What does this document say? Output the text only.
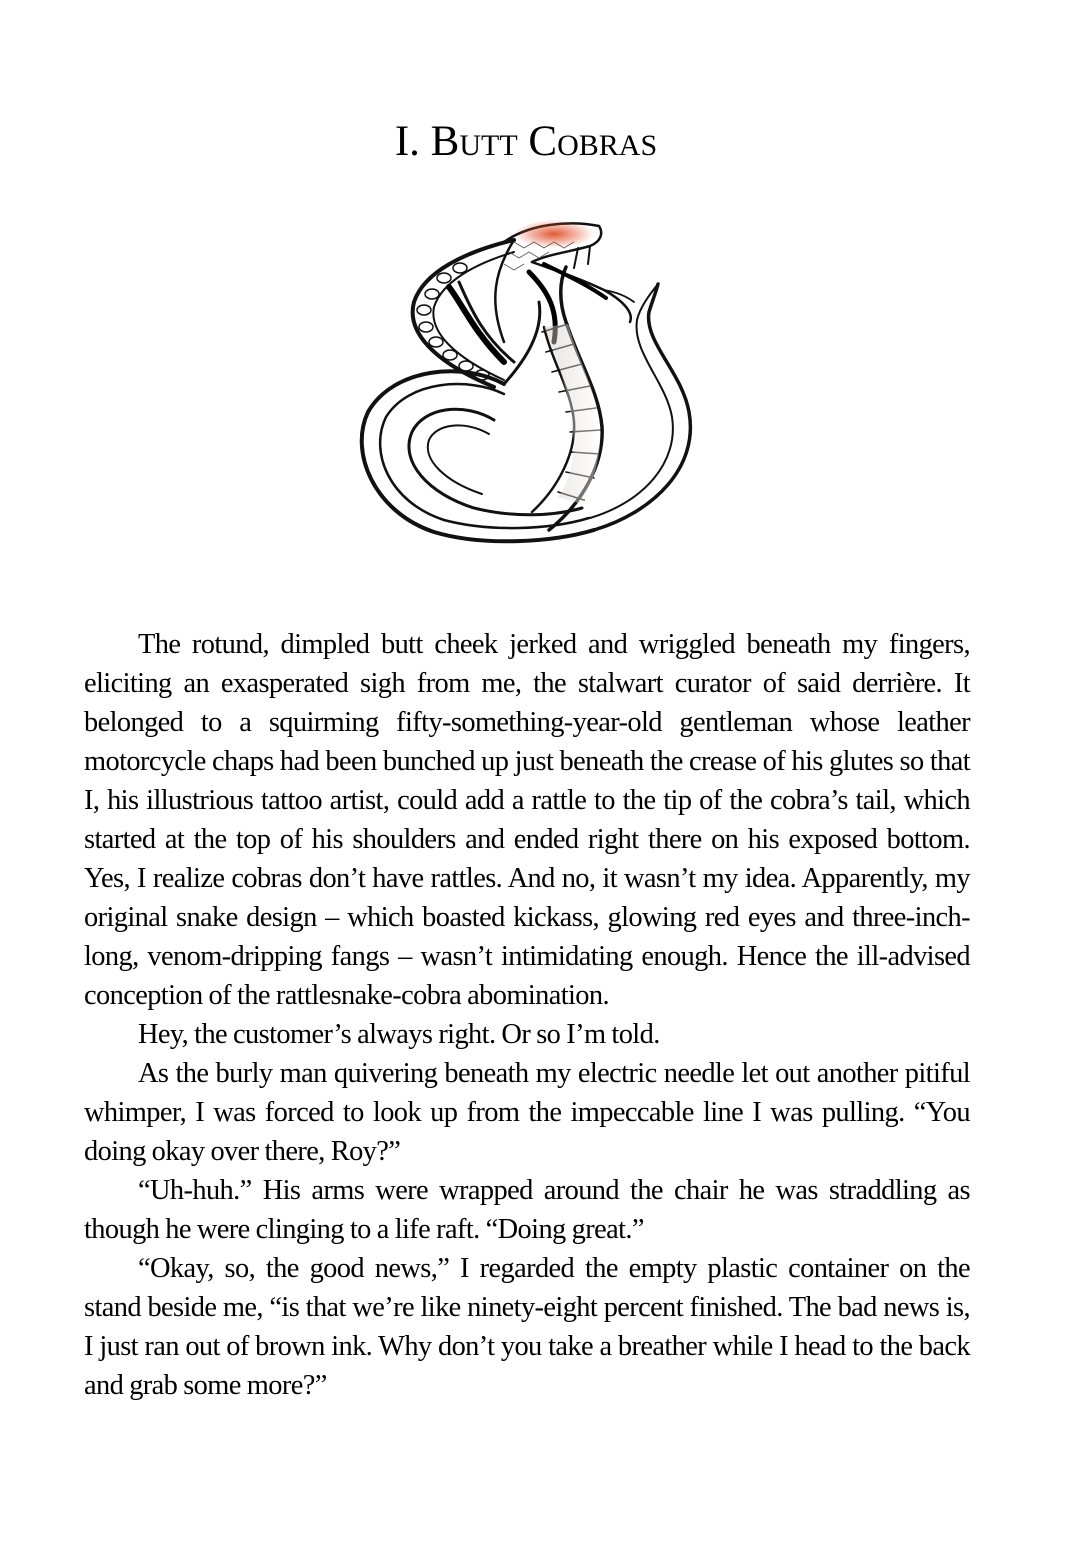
I. Butt Cobras

The rotund, dimpled butt cheek jerked and wriggled beneath my fingers, eliciting an exasperated sigh from me, the stalwart curator of said derrière. It belonged to a squirming fifty-something-year-old gentleman whose leather motorcycle chaps had been bunched up just beneath the crease of his glutes so that I, his illustrious tattoo artist, could add a rattle to the tip of the cobra’s tail, which started at the top of his shoulders and ended right there on his exposed bottom. Yes, I realize cobras don’t have rattles. And no, it wasn’t my idea. Apparently, my original snake design – which boasted kickass, glowing red eyes and three-inch-long, venom-dripping fangs – wasn’t intimidating enough. Hence the ill-advised conception of the rattlesnake-cobra abomination.

Hey, the customer’s always right. Or so I’m told.

As the burly man quivering beneath my electric needle let out another pitiful whimper, I was forced to look up from the impeccable line I was pulling. “You doing okay over there, Roy?”

“Uh-huh.” His arms were wrapped around the chair he was straddling as though he were clinging to a life raft. “Doing great.”

“Okay, so, the good news,” I regarded the empty plastic container on the stand beside me, “is that we’re like ninety-eight percent finished. The bad news is, I just ran out of brown ink. Why don’t you take a breather while I head to the back and grab some more?”
